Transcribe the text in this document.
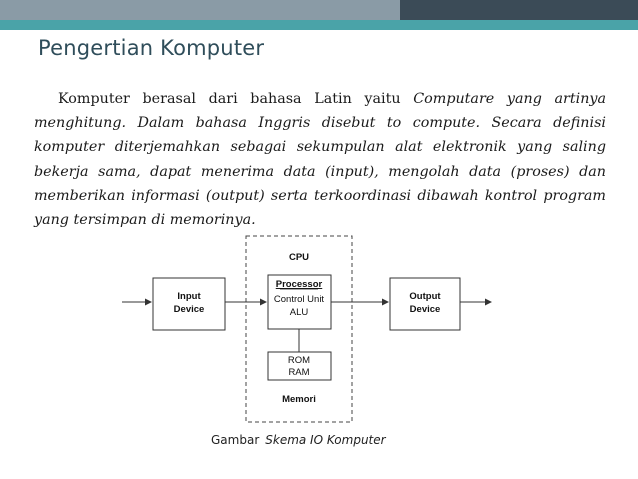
Pengertian Komputer

Komputer berasal dari bahasa Latin yaitu Computare yang artinya menghitung. Dalam bahasa Inggris disebut to compute. Secara definisi komputer diterjemahkan sebagai sekumpulan alat elektronik yang saling bekerja sama, dapat menerima data (input), mengolah data (proses) dan memberikan informasi (output) serta terkoordinasi dibawah kontrol program yang tersimpan di memorinya.

CPU
Processor
Control Unit
ALU
ROM
RAM
Memori
Input
Device
Output
Device

Gambar Skema IO Komputer
